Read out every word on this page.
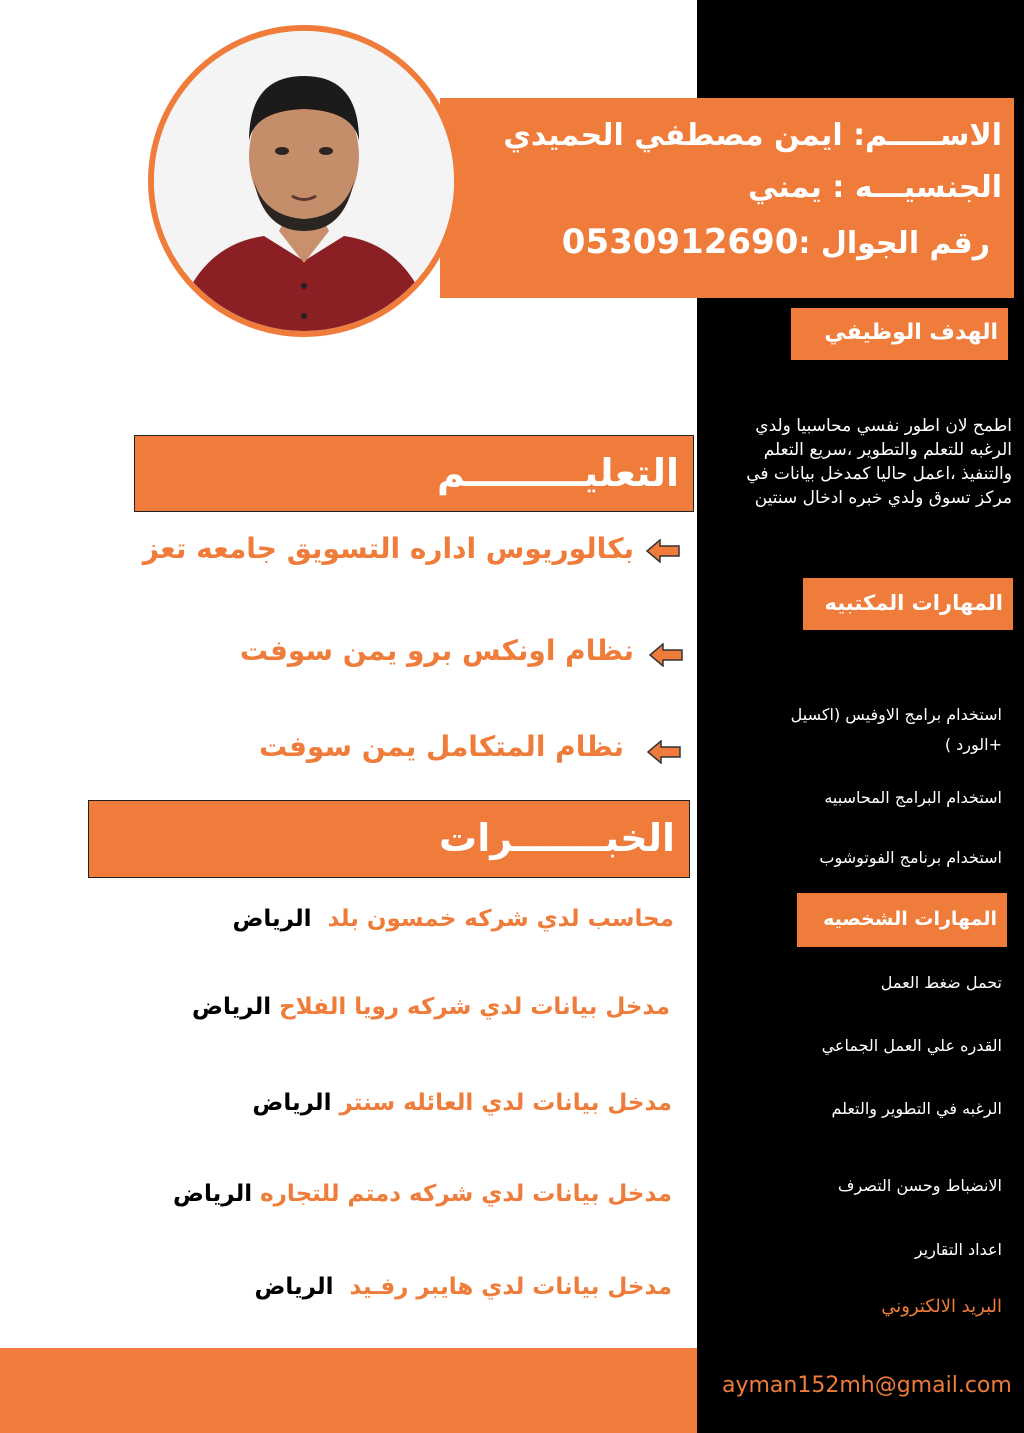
الاســـــم: ايمن مصطفي الحميدي
الجنسيـــه : يمني
رقم الجوال :0530912690
الهدف الوظيفي
اطمح لان اطور نفسي محاسبيا ولدي الرغبه للتعلم والتطوير ،سريع التعلم والتنفيذ ،اعمل حاليا كمدخل بيانات في مركز تسوق ولدي خبره ادخال سنتين
المهارات المكتبيه
استخدام برامج الاوفيس (اكسيل +الورد )
استخدام البرامج المحاسبيه
استخدام برنامج الفوتوشوب
المهارات الشخصيه
تحمل ضغط العمل
القدره علي العمل الجماعي
الرغبه في التطوير والتعلم
الانضباط وحسن التصرف
اعداد التقارير
البريد الالكتروني
ayman152mh@gmail.com
التعليـــــــــم
بكالوريوس اداره التسويق جامعه تعز
نظام اونكس برو يمن سوفت
نظام المتكامل يمن سوفت
الخبـــــــرات
محاسب لدي شركه خمسون بلد  الرياض
مدخل بيانات لدي شركه رويا الفلاح الرياض
مدخل بيانات لدي العائله سنتر الرياض
مدخل بيانات لدي شركه دمتم للتجاره الرياض
مدخل بيانات لدي هايبر رفـيد  الرياض
